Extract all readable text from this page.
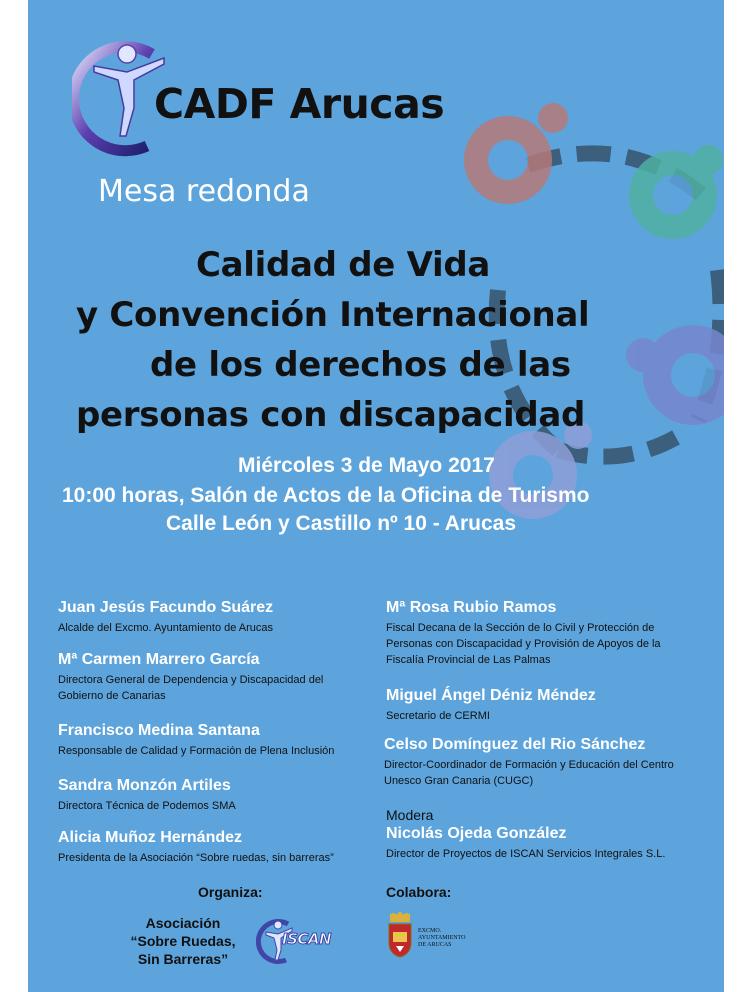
CADF Arucas
Mesa redonda
Calidad de Vida
y Convención Internacional
de los derechos de las
personas con discapacidad
Miércoles 3 de Mayo 2017
10:00 horas, Salón de Actos de la Oficina de Turismo
Calle León y Castillo nº 10 - Arucas
Juan Jesús Facundo Suárez
Alcalde del Excmo. Ayuntamiento de Arucas
Mª Carmen Marrero García
Directora General de Dependencia y Discapacidad del Gobierno de Canarias
Francisco Medina Santana
Responsable de Calidad y Formación de Plena Inclusión
Sandra Monzón Artiles
Directora Técnica de Podemos SMA
Alicia Muñoz Hernández
Presidenta de la Asociación “Sobre ruedas, sin barreras”
Mª Rosa Rubio Ramos
Fiscal Decana de la Sección de lo Civil y Protección de Personas con Discapacidad y Provisión de Apoyos de la Fiscalía Provincial de Las Palmas
Miguel Ángel Déniz Méndez
Secretario de CERMI
Celso Domínguez del Rio Sánchez
Director-Coordinador de Formación y Educación del Centro Unesco Gran Canaria (CUGC)
Modera
Nicolás Ojeda González
Director de Proyectos de ISCAN Servicios Integrales S.L.
Organiza:
Asociación
“Sobre Ruedas,
Sin Barreras”
ISCAN
Colabora:
EXCMO.
AYUNTAMIENTO
DE ARUCAS
